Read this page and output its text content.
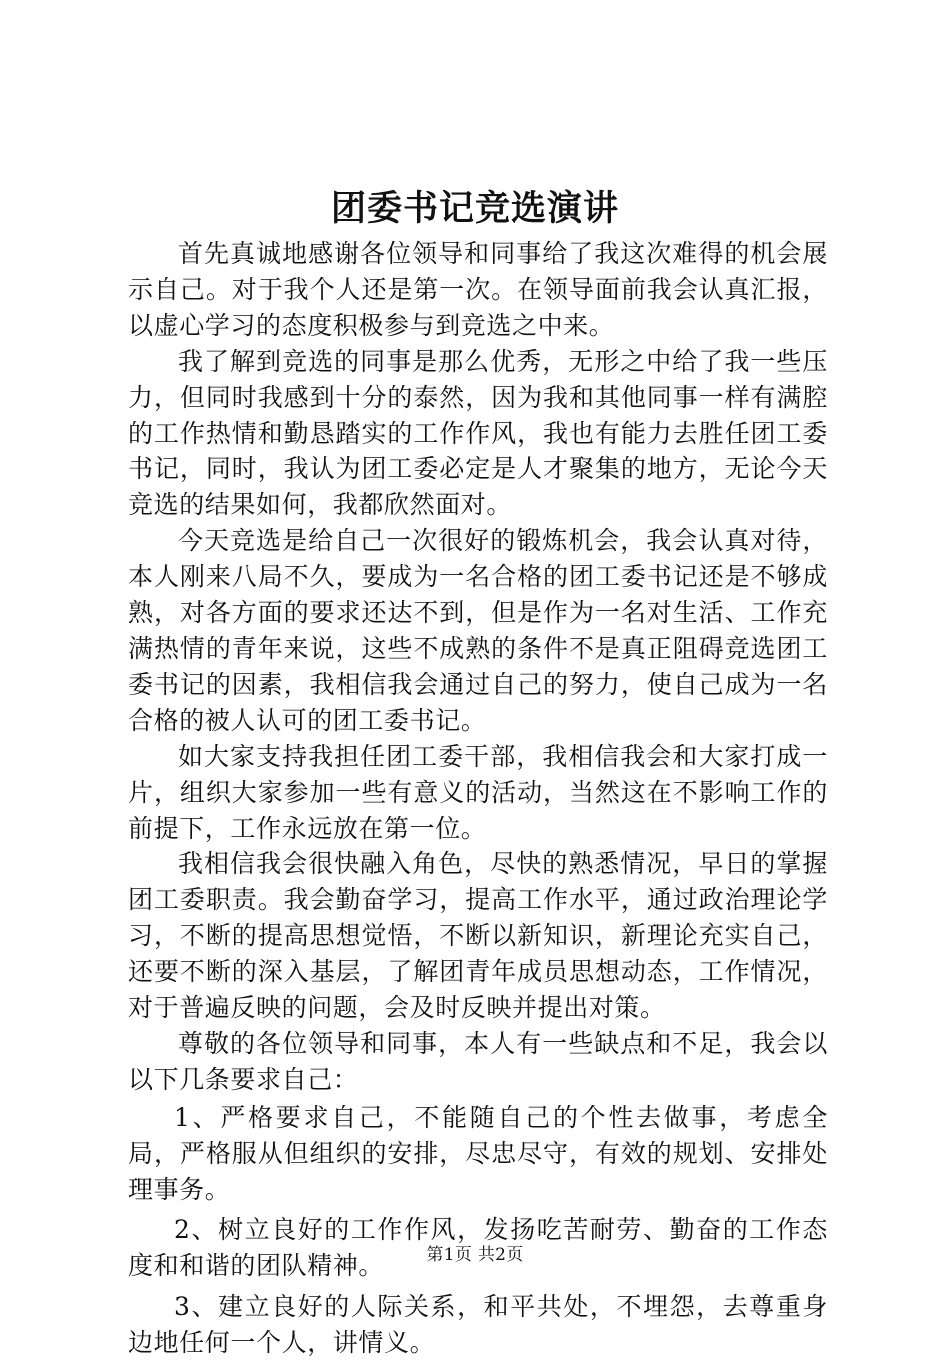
团委书记竞选演讲

首先真诚地感谢各位领导和同事给了我这次难得的机会展示自己。对于我个人还是第一次。在领导面前我会认真汇报，以虚心学习的态度积极参与到竞选之中来。

我了解到竞选的同事是那么优秀，无形之中给了我一些压力，但同时我感到十分的泰然，因为我和其他同事一样有满腔的工作热情和勤恳踏实的工作作风，我也有能力去胜任团工委书记，同时，我认为团工委必定是人才聚集的地方，无论今天竞选的结果如何，我都欣然面对。

今天竞选是给自己一次很好的锻炼机会，我会认真对待，本人刚来八局不久，要成为一名合格的团工委书记还是不够成熟，对各方面的要求还达不到，但是作为一名对生活、工作充满热情的青年来说，这些不成熟的条件不是真正阻碍竞选团工委书记的因素，我相信我会通过自己的努力，使自己成为一名合格的被人认可的团工委书记。

如大家支持我担任团工委干部，我相信我会和大家打成一片，组织大家参加一些有意义的活动，当然这在不影响工作的前提下，工作永远放在第一位。

我相信我会很快融入角色，尽快的熟悉情况，早日的掌握团工委职责。我会勤奋学习，提高工作水平，通过政治理论学习，不断的提高思想觉悟，不断以新知识，新理论充实自己，还要不断的深入基层，了解团青年成员思想动态，工作情况，对于普遍反映的问题，会及时反映并提出对策。

尊敬的各位领导和同事，本人有一些缺点和不足，我会以以下几条要求自己：

1、严格要求自己，不能随自己的个性去做事，考虑全局，严格服从但组织的安排，尽忠尽守，有效的规划、安排处理事务。

2、树立良好的工作作风，发扬吃苦耐劳、勤奋的工作态度和和谐的团队精神。

3、建立良好的人际关系，和平共处，不埋怨，去尊重身边地任何一个人，讲情义。

第1页 共2页
